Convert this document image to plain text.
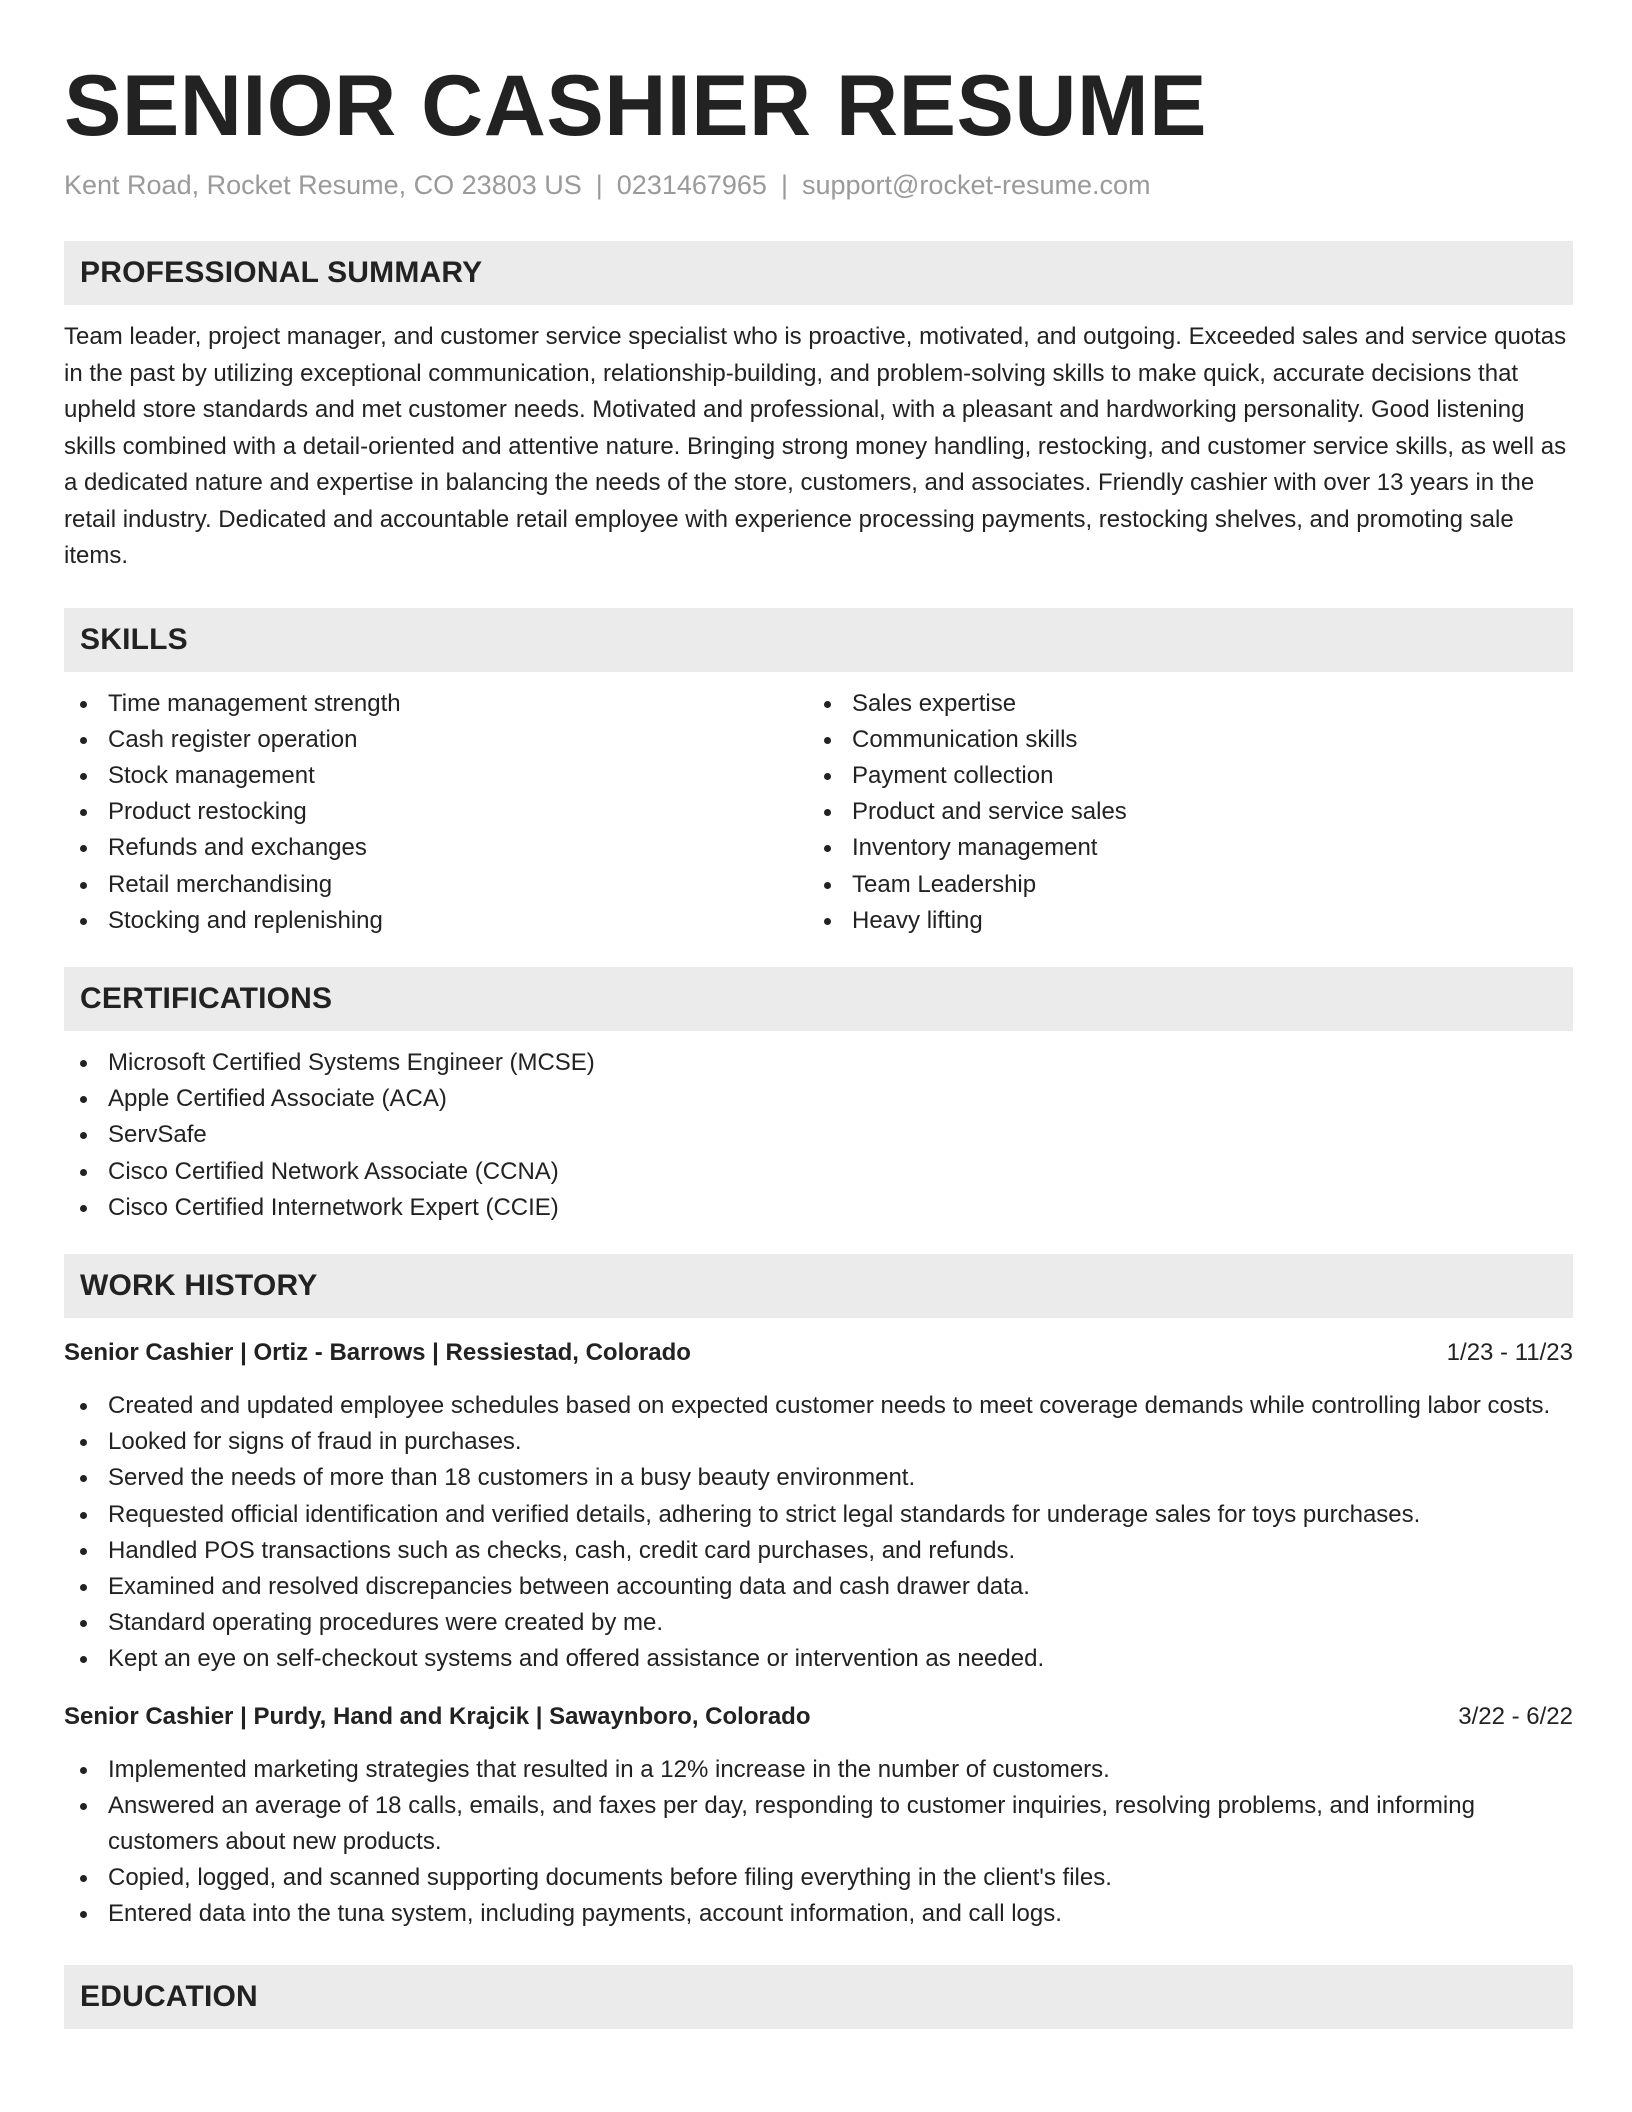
SENIOR CASHIER RESUME
Kent Road, Rocket Resume, CO 23803 US | 0231467965 | support@rocket-resume.com
PROFESSIONAL SUMMARY

Team leader, project manager, and customer service specialist who is proactive, motivated, and outgoing. Exceeded sales and service quotas in the past by utilizing exceptional communication, relationship-building, and problem-solving skills to make quick, accurate decisions that upheld store standards and met customer needs. Motivated and professional, with a pleasant and hardworking personality. Good listening skills combined with a detail-oriented and attentive nature. Bringing strong money handling, restocking, and customer service skills, as well as a dedicated nature and expertise in balancing the needs of the store, customers, and associates. Friendly cashier with over 13 years in the retail industry. Dedicated and accountable retail employee with experience processing payments, restocking shelves, and promoting sale items.

SKILLS
Time management strength
Cash register operation
Stock management
Product restocking
Refunds and exchanges
Retail merchandising
Stocking and replenishing
Sales expertise
Communication skills
Payment collection
Product and service sales
Inventory management
Team Leadership
Heavy lifting
CERTIFICATIONS
Microsoft Certified Systems Engineer (MCSE)
Apple Certified Associate (ACA)
ServSafe
Cisco Certified Network Associate (CCNA)
Cisco Certified Internetwork Expert (CCIE)
WORK HISTORY
Senior Cashier | Ortiz - Barrows | Ressiestad, Colorado	1/23 - 11/23
Created and updated employee schedules based on expected customer needs to meet coverage demands while controlling labor costs.
Looked for signs of fraud in purchases.
Served the needs of more than 18 customers in a busy beauty environment.
Requested official identification and verified details, adhering to strict legal standards for underage sales for toys purchases.
Handled POS transactions such as checks, cash, credit card purchases, and refunds.
Examined and resolved discrepancies between accounting data and cash drawer data.
Standard operating procedures were created by me.
Kept an eye on self-checkout systems and offered assistance or intervention as needed.
Senior Cashier | Purdy, Hand and Krajcik | Sawaynboro, Colorado	3/22 - 6/22
Implemented marketing strategies that resulted in a 12% increase in the number of customers.
Answered an average of 18 calls, emails, and faxes per day, responding to customer inquiries, resolving problems, and informing customers about new products.
Copied, logged, and scanned supporting documents before filing everything in the client's files.
Entered data into the tuna system, including payments, account information, and call logs.
EDUCATION
